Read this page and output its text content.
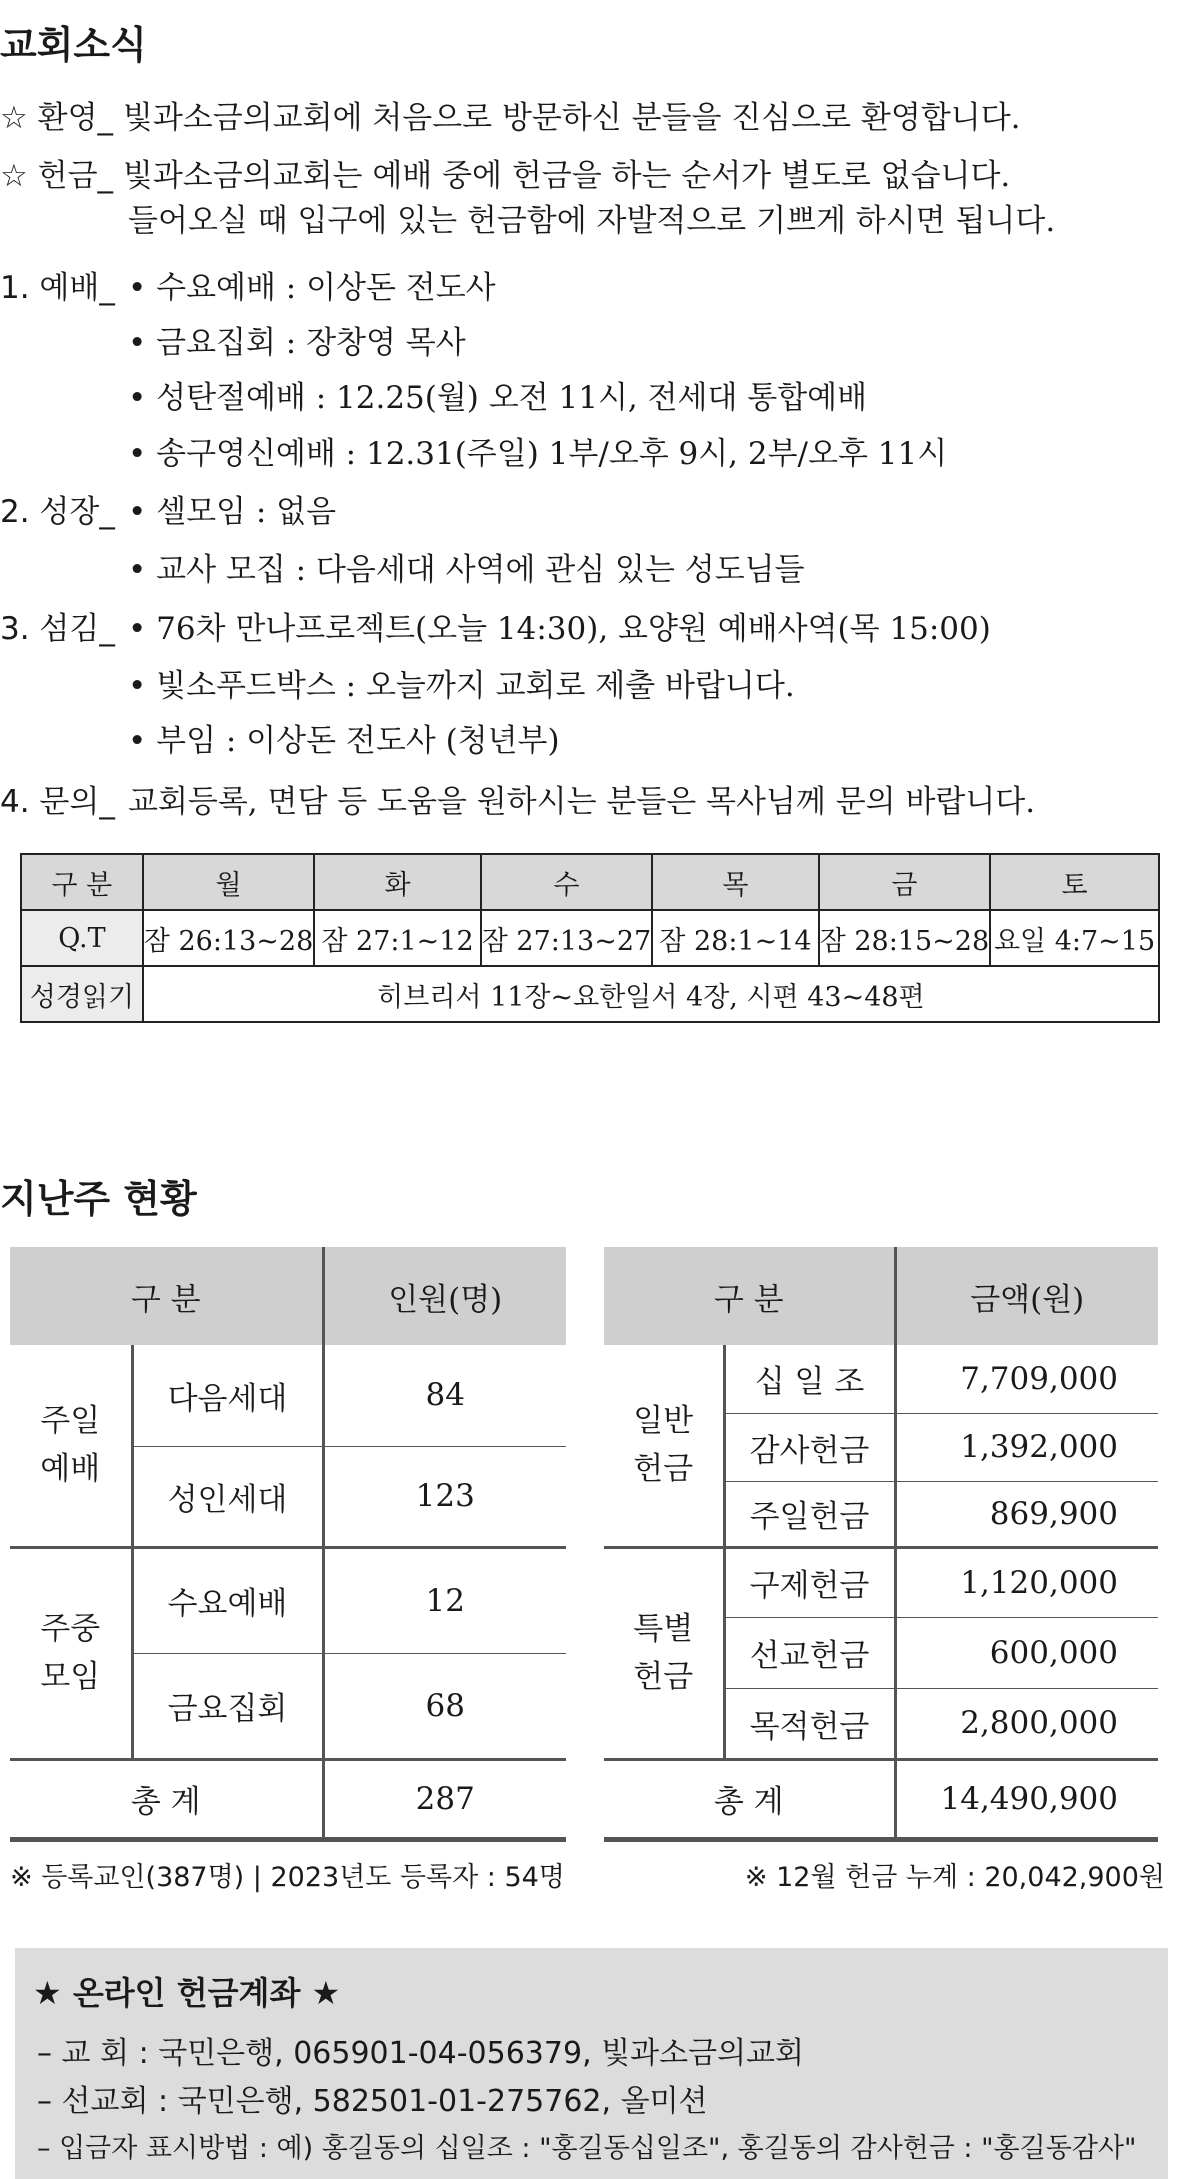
교회소식
☆ 환영_ 빛과소금의교회에 처음으로 방문하신 분들을 진심으로 환영합니다.
☆ 헌금_ 빛과소금의교회는 예배 중에 헌금을 하는 순서가 별도로 없습니다.
들어오실 때 입구에 있는 헌금함에 자발적으로 기쁘게 하시면 됩니다.
1. 예배_ • 수요예배 : 이상돈 전도사
• 금요집회 : 장창영 목사
• 성탄절예배 : 12.25(월) 오전 11시, 전세대 통합예배
• 송구영신예배 : 12.31(주일) 1부/오후 9시, 2부/오후 11시
2. 성장_ • 셀모임 : 없음
• 교사 모집 : 다음세대 사역에 관심 있는 성도님들
3. 섬김_ • 76차 만나프로젝트(오늘 14:30), 요양원 예배사역(목 15:00)
• 빛소푸드박스 : 오늘까지 교회로 제출 바랍니다.
• 부임 : 이상돈 전도사 (청년부)
4. 문의_ 교회등록, 면담 등 도움을 원하시는 분들은 목사님께 문의 바랍니다.
구 분	월	화	수	목	금	토
Q.T	잠 26:13~28	잠 27:1~12	잠 27:13~27	잠 28:1~14	잠 28:15~28	요일 4:7~15
성경읽기	히브리서 11장~요한일서 4장, 시편 43~48편					
지난주 현황
구 분		인원(명)
주일
예배	다음세대	84
	성인세대	123
주중
모임	수요예배	12
	금요집회	68
총 계		287
구 분		금액(원)
일반
헌금	십 일 조	7,709,000
	감사헌금	1,392,000
	주일헌금	869,900
특별
헌금	구제헌금	1,120,000
	선교헌금	600,000
	목적헌금	2,800,000
총 계		14,490,900
※ 등록교인(387명) | 2023년도 등록자 : 54명	※ 12월 헌금 누계 : 20,042,900원
★ 온라인 헌금계좌 ★
– 교 회 : 국민은행, 065901-04-056379, 빛과소금의교회
– 선교회 : 국민은행, 582501-01-275762, 올미션
– 입금자 표시방법 : 예) 홍길동의 십일조 : "홍길동십일조", 홍길동의 감사헌금 : "홍길동감사"
